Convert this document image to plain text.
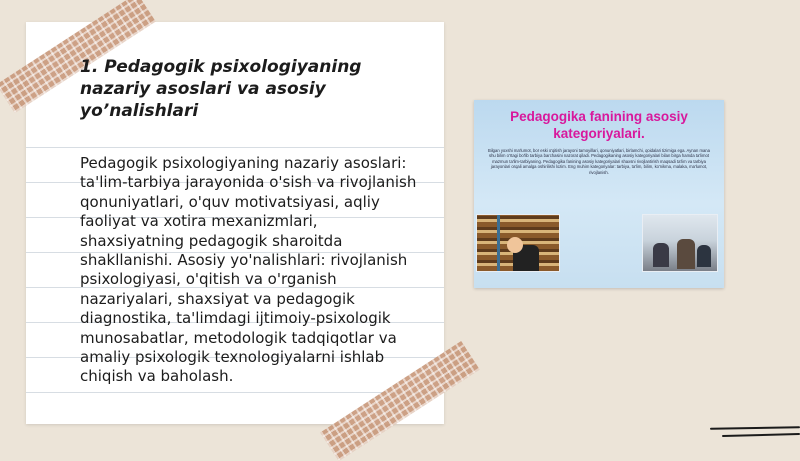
1. Pedagogik psixologiyaning nazariy asoslari va asosiy yo’nalishlari

Pedagogik psixologiyaning nazariy asoslari: ta'lim-tarbiya jarayonida o'sish va rivojlanish qonuniyatlari, o'quv motivatsiyasi, aqliy faoliyat va xotira mexanizmlari, shaxsiyatning pedagogik sharoitda shakllanishi. Asosiy yo'nalishlari: rivojlanish psixologiyasi, o'qitish va o'rganish nazariyalari, shaxsiyat va pedagogik diagnostika, ta'limdagi ijtimoiy-psixologik munosabatlar, metodologik tadqiqotlar va amaliy psixologik texnologiyalarni ishlab chiqish va baholash.

Pedagogika fanining asosiy kategoriyalari.

Bilgan yoxshi ma'lumot, bor eski o'qitish jarayoni tamoyillari, qonuniyatlari, birlamchi, qoidalari tizimiga ega. Aynan mana shu bilim o'rtagi bo'lib tarbiya barchasini nazorat qiladi. Pedagogikaning asosiy kategoriyalari bilan birga hamda ta'limot mazmun ta'lim-tarbiyaning. Pedagogika fanining asosiy kategoriyalari shaxsni rivojlantirish maqsadi ta'lim va tarbiya jarayonlari orqali amalga oshirilishi lozim. Eng muhim kategoriyalar: tarbiya, ta'lim, bilim, ko'nikma, malaka, ma'lumot, rivojlanish.
